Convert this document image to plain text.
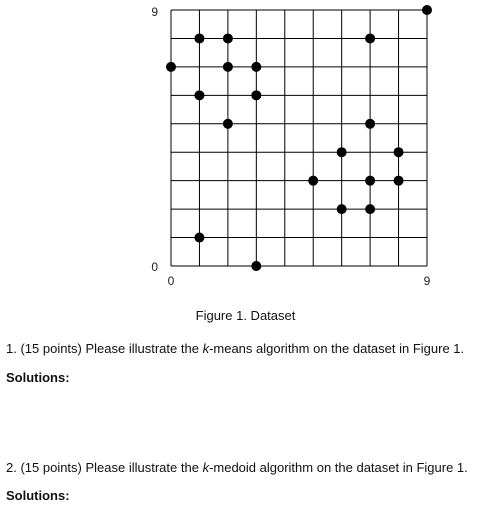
9
0
0	9
Figure 1. Dataset
1. (15 points) Please illustrate the k-means algorithm on the dataset in Figure 1.
Solutions:
2. (15 points) Please illustrate the k-medoid algorithm on the dataset in Figure 1.
Solutions:
